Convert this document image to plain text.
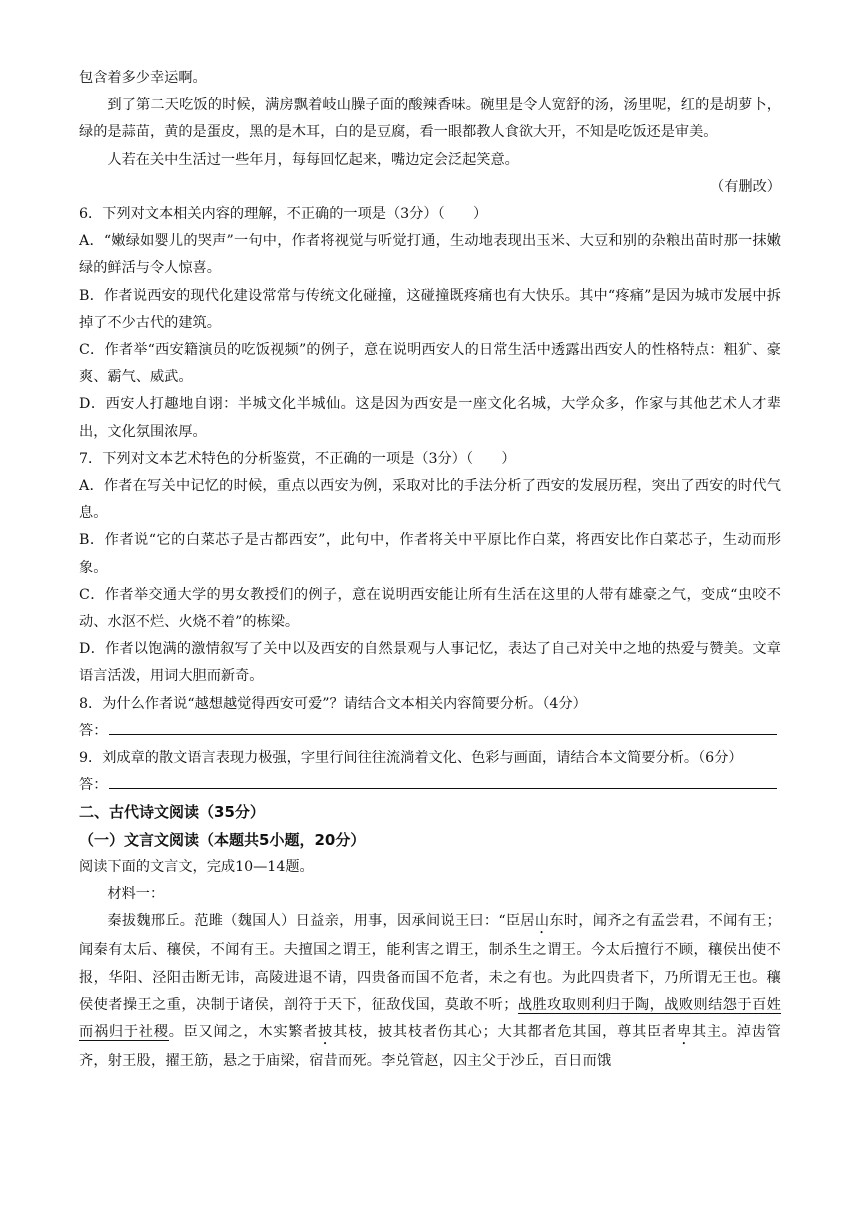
包含着多少幸运啊。

到了第二天吃饭的时候，满房飘着岐山臊子面的酸辣香味。碗里是令人宽舒的汤，汤里呢，红的是胡萝卜，绿的是蒜苗，黄的是蛋皮，黑的是木耳，白的是豆腐，看一眼都教人食欲大开，不知是吃饭还是审美。

人若在关中生活过一些年月，每每回忆起来，嘴边定会泛起笑意。

（有删改）

6．下列对文本相关内容的理解，不正确的一项是（3分）（　　）

A．“嫩绿如婴儿的哭声”一句中，作者将视觉与听觉打通，生动地表现出玉米、大豆和别的杂粮出苗时那一抹嫩绿的鲜活与令人惊喜。

B．作者说西安的现代化建设常常与传统文化碰撞，这碰撞既疼痛也有大快乐。其中“疼痛”是因为城市发展中拆掉了不少古代的建筑。

C．作者举“西安籍演员的吃饭视频”的例子，意在说明西安人的日常生活中透露出西安人的性格特点：粗犷、豪爽、霸气、威武。

D．西安人打趣地自诩：半城文化半城仙。这是因为西安是一座文化名城，大学众多，作家与其他艺术人才辈出，文化氛围浓厚。

7．下列对文本艺术特色的分析鉴赏，不正确的一项是（3分）（　　）

A．作者在写关中记忆的时候，重点以西安为例，采取对比的手法分析了西安的发展历程，突出了西安的时代气息。

B．作者说“它的白菜芯子是古都西安”，此句中，作者将关中平原比作白菜，将西安比作白菜芯子，生动而形象。

C．作者举交通大学的男女教授们的例子，意在说明西安能让所有生活在这里的人带有雄豪之气，变成“虫咬不动、水沤不烂、火烧不着”的栋梁。

D．作者以饱满的激情叙写了关中以及西安的自然景观与人事记忆，表达了自己对关中之地的热爱与赞美。文章语言活泼，用词大胆而新奇。

8．为什么作者说“越想越觉得西安可爱”？请结合文本相关内容简要分析。（4分）

答：

9．刘成章的散文语言表现力极强，字里行间往往流淌着文化、色彩与画面，请结合本文简要分析。（6分）

答：

二、古代诗文阅读（35分）

（一）文言文阅读（本题共5小题，20分）

阅读下面的文言文，完成10—14题。

材料一：

秦拔魏邢丘。范雎（魏国人）日益亲，用事，因承间说王曰：“臣居山东时，闻齐之有孟尝君，不闻有王；闻秦有太后、穰侯，不闻有王。夫擅国之谓王，能利害之谓王，制杀生之谓王。今太后擅行不顾，穰侯出使不报，华阳、泾阳击断无讳，高陵进退不请，四贵备而国不危者，未之有也。为此四贵者下，乃所谓无王也。穰侯使者操王之重，决制于诸侯，剖符于天下，征敌伐国，莫敢不听；战胜攻取则利归于陶，战败则结怨于百姓而祸归于社稷。臣又闻之，木实繁者披其枝，披其枝者伤其心；大其都者危其国，尊其臣者卑其主。淖齿管齐，射王股，擢王筋，悬之于庙梁，宿昔而死。李兑管赵，囚主父于沙丘，百日而饿
